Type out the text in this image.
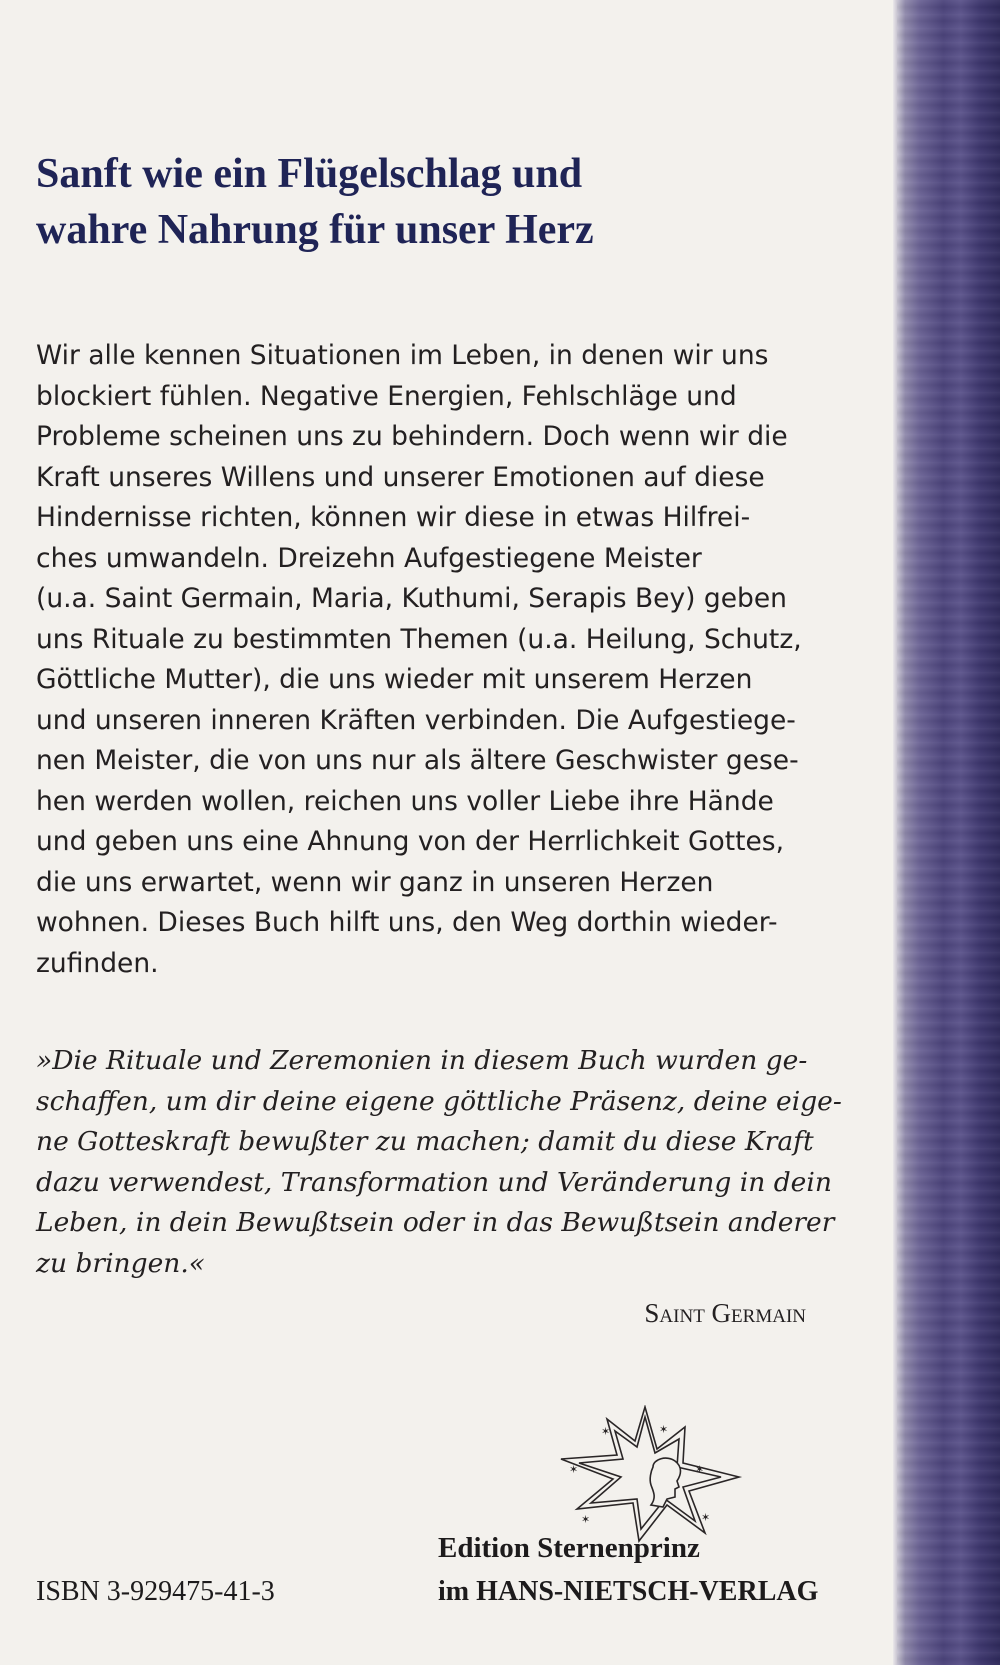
Sanft wie ein Flügelschlag und
wahre Nahrung für unser Herz
Wir alle kennen Situationen im Leben, in denen wir uns
blockiert fühlen. Negative Energien, Fehlschläge und
Probleme scheinen uns zu behindern. Doch wenn wir die
Kraft unseres Willens und unserer Emotionen auf diese
Hindernisse richten, können wir diese in etwas Hilfrei-
ches umwandeln. Dreizehn Aufgestiegene Meister
(u.a. Saint Germain, Maria, Kuthumi, Serapis Bey) geben
uns Rituale zu bestimmten Themen (u.a. Heilung, Schutz,
Göttliche Mutter), die uns wieder mit unserem Herzen
und unseren inneren Kräften verbinden. Die Aufgestiege-
nen Meister, die von uns nur als ältere Geschwister gese-
hen werden wollen, reichen uns voller Liebe ihre Hände
und geben uns eine Ahnung von der Herrlichkeit Gottes,
die uns erwartet, wenn wir ganz in unseren Herzen
wohnen. Dieses Buch hilft uns, den Weg dorthin wieder-
zufinden.
»Die Rituale und Zeremonien in diesem Buch wurden ge-
schaffen, um dir deine eigene göttliche Präsenz, deine eige-
ne Gotteskraft bewußter zu machen; damit du diese Kraft
dazu verwendest, Transformation und Veränderung in dein
Leben, in dein Bewußtsein oder in das Bewußtsein anderer
zu bringen.«
Saint Germain
✶	✶
✶	✶
✶	✶
Edition Sternenprinz
im HANS-NIETSCH-VERLAG
ISBN 3-929475-41-3
